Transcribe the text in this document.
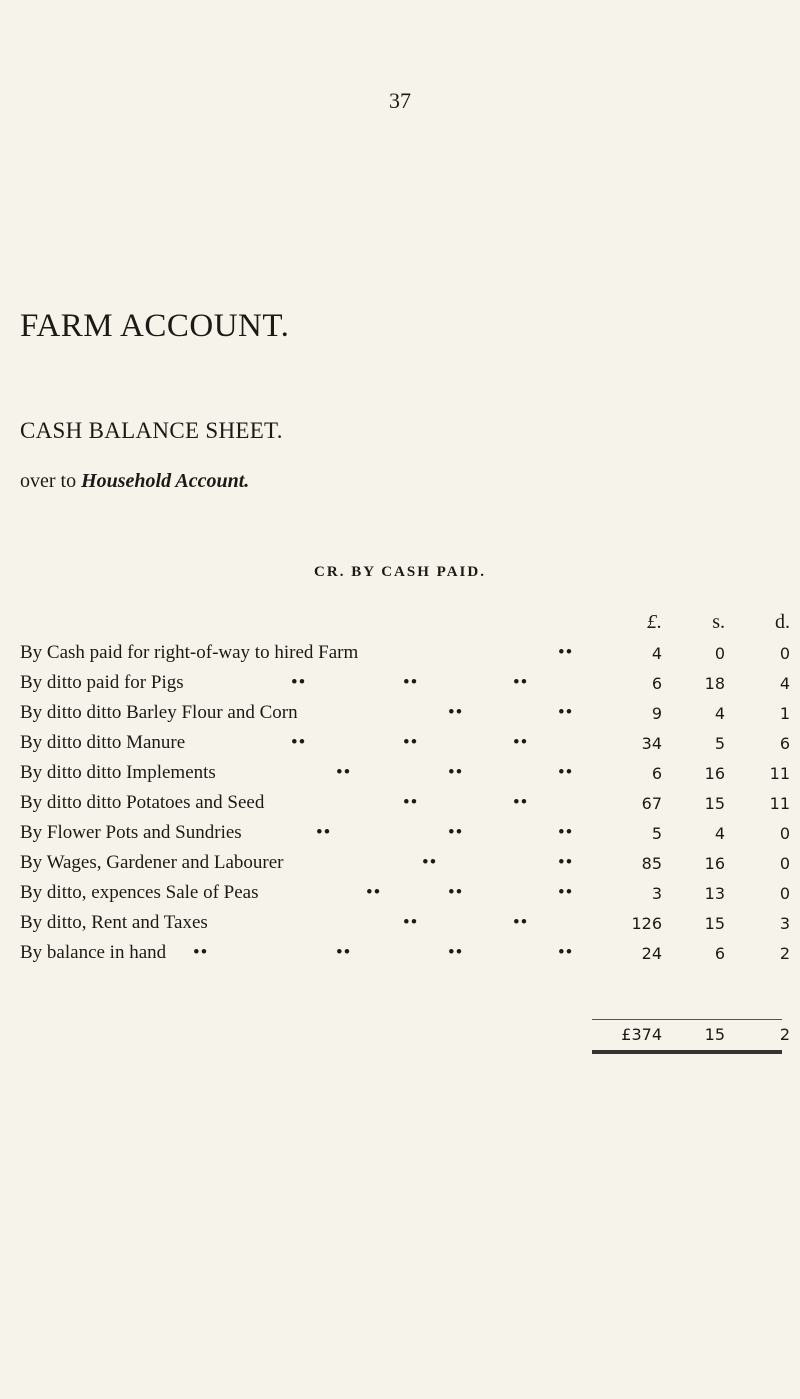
37
FARM ACCOUNT.
CASH BALANCE SHEET.
over to Household Account.
CR. BY CASH PAID.
£.	s.	d.
By Cash paid for right-of-way to hired Farm	••	4	0	0
By ditto paid for Pigs	••	••	••	6	18	4
By ditto ditto Barley Flour and Corn	••	••	9	4	1
By ditto ditto Manure	••	••	••	34	5	6
By ditto ditto Implements	••	••	••	6	16	11
By ditto ditto Potatoes and Seed	••	••	67	15	11
By Flower Pots and Sundries	••	••	••	5	4	0
By Wages, Gardener and Labourer	••	••	85	16	0
By ditto, expences Sale of Peas	••	••	••	3	13	0
By ditto, Rent and Taxes	••	••	126	15	3
By balance in hand ••	••	••	••	24	6	2
£374	15	2
